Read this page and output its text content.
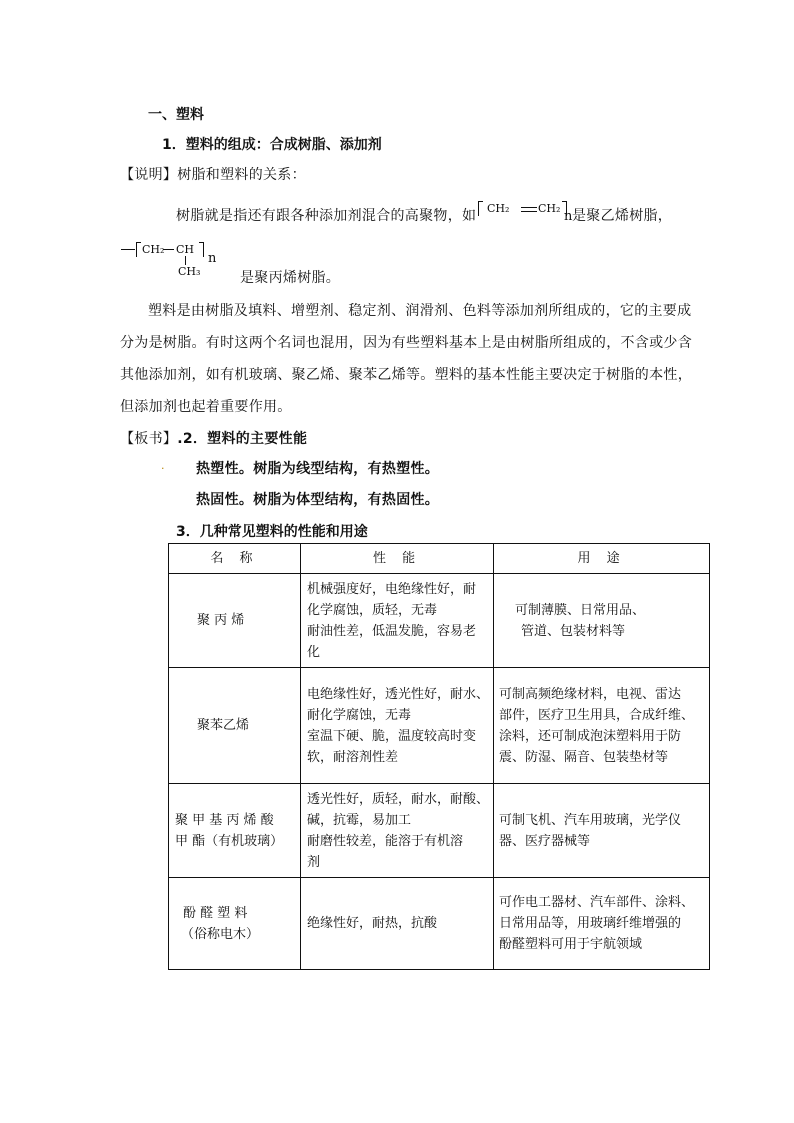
一、塑料
1．塑料的组成：合成树脂、添加剂
【说明】树脂和塑料的关系：
树脂就是指还有跟各种添加剂混合的高聚物，如 CH₂	CH₂
n 是聚乙烯树脂，
CH₂ CH
CH₃
n
是聚丙烯树脂。
塑料是由树脂及填料、增塑剂、稳定剂、润滑剂、色料等添加剂所组成的，它的主要成
分为是树脂。有时这两个名词也混用，因为有些塑料基本上是由树脂所组成的，不含或少含
其他添加剂，如有机玻璃、聚乙烯、聚苯乙烯等。塑料的基本性能主要决定于树脂的本性，
但添加剂也起着重要作用。
【板书】.2．塑料的主要性能
. 热塑性。树脂为线型结构，有热塑性。
热固性。树脂为体型结构，有热固性。
3．几种常见塑料的性能和用途
名 称	性 能	用 途

聚 丙 烯	机械强度好，电绝缘性好，耐
化学腐蚀，质轻，无毒
耐油性差，低温发脆，容易老
化	可制薄膜、日常用品、
管道、包装材料等

聚苯乙烯	电绝缘性好，透光性好，耐水、
耐化学腐蚀，无毒
室温下硬、脆，温度较高时变
软，耐溶剂性差	可制高频绝缘材料，电视、雷达
部件，医疗卫生用具，合成纤维、
涂料，还可制成泡沫塑料用于防
震、防湿、隔音、包装垫材等

聚 甲 基 丙 烯 酸
甲 酯（有机玻璃）	透光性好，质轻，耐水，耐酸、
碱，抗霉，易加工
耐磨性较差，能溶于有机溶
剂	可制飞机、汽车用玻璃，光学仪
器、医疗器械等

酚 醛 塑 料
（俗称电木）	绝缘性好，耐热，抗酸	可作电工器材、汽车部件、涂料、
日常用品等，用玻璃纤维增强的
酚醛塑料可用于宇航领域
